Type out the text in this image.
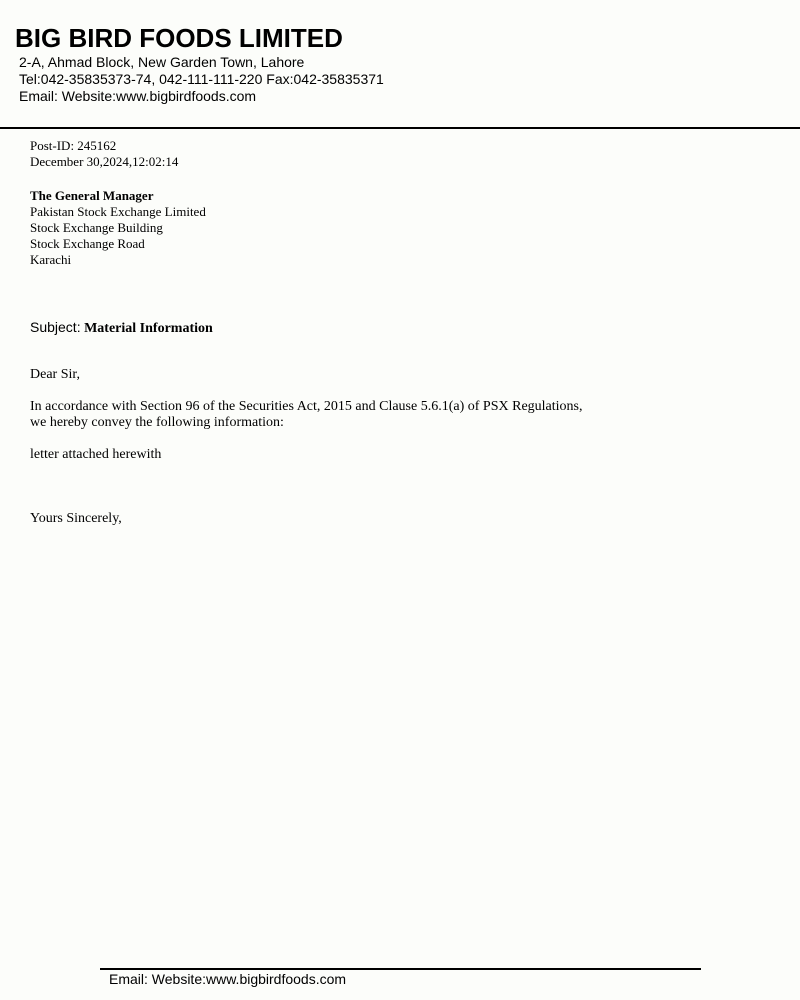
BIG BIRD FOODS LIMITED
2-A, Ahmad Block, New Garden Town, Lahore
Tel:042-35835373-74, 042-111-111-220 Fax:042-35835371
Email: Website:www.bigbirdfoods.com
Post-ID: 245162
December 30,2024,12:02:14
The General Manager
Pakistan Stock Exchange Limited
Stock Exchange Building
Stock Exchange Road
Karachi
Subject: Material Information
Dear Sir,
In accordance with Section 96 of the Securities Act, 2015 and Clause 5.6.1(a) of PSX Regulations,
we hereby convey the following information:
letter attached herewith
Yours Sincerely,
Email: Website:www.bigbirdfoods.com
